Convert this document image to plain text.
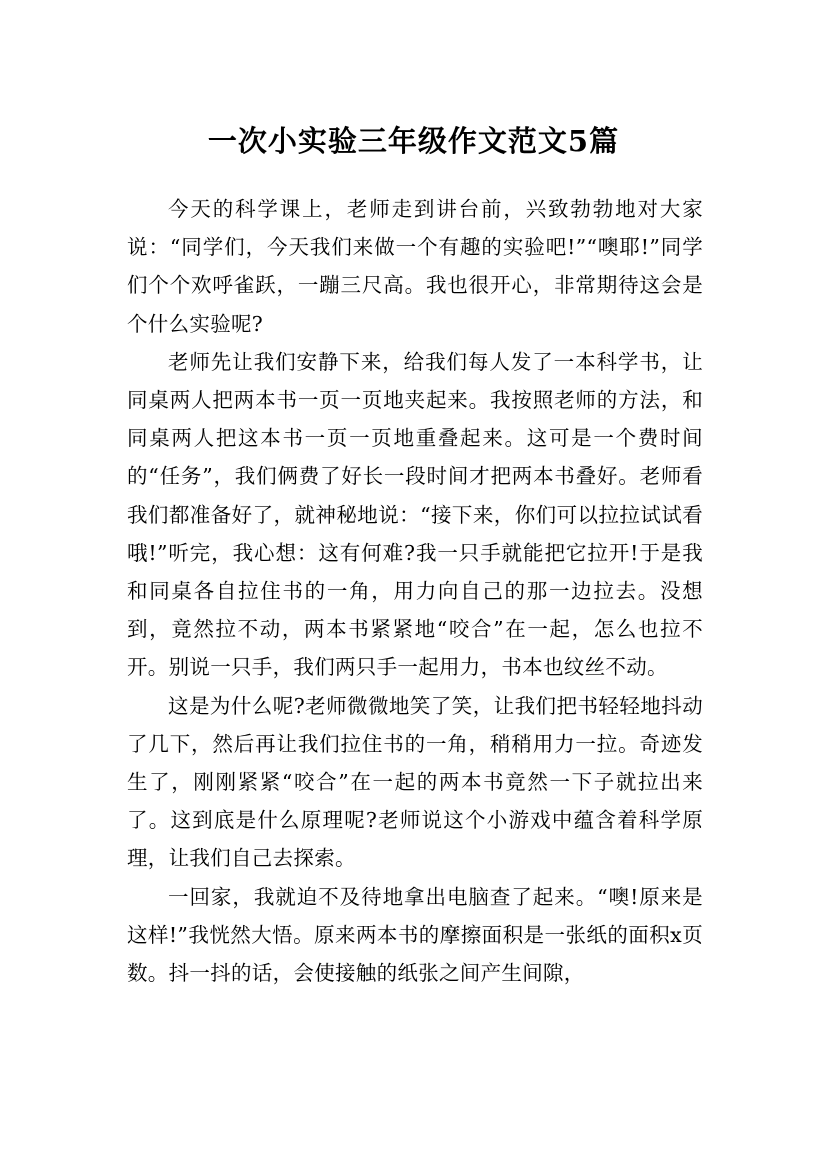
一次小实验三年级作文范文5篇

今天的科学课上，老师走到讲台前，兴致勃勃地对大家说：“同学们，今天我们来做一个有趣的实验吧!”“噢耶!”同学们个个欢呼雀跃，一蹦三尺高。我也很开心，非常期待这会是个什么实验呢?

老师先让我们安静下来，给我们每人发了一本科学书，让同桌两人把两本书一页一页地夹起来。我按照老师的方法，和同桌两人把这本书一页一页地重叠起来。这可是一个费时间的“任务”，我们俩费了好长一段时间才把两本书叠好。老师看我们都准备好了，就神秘地说：“接下来，你们可以拉拉试试看哦!”听完，我心想：这有何难?我一只手就能把它拉开!于是我和同桌各自拉住书的一角，用力向自己的那一边拉去。没想到，竟然拉不动，两本书紧紧地“咬合”在一起，怎么也拉不开。别说一只手，我们两只手一起用力，书本也纹丝不动。

这是为什么呢?老师微微地笑了笑，让我们把书轻轻地抖动了几下，然后再让我们拉住书的一角，稍稍用力一拉。奇迹发生了，刚刚紧紧“咬合”在一起的两本书竟然一下子就拉出来了。这到底是什么原理呢?老师说这个小游戏中蕴含着科学原理，让我们自己去探索。

一回家，我就迫不及待地拿出电脑查了起来。“噢!原来是这样!”我恍然大悟。原来两本书的摩擦面积是一张纸的面积x页数。抖一抖的话，会使接触的纸张之间产生间隙，
